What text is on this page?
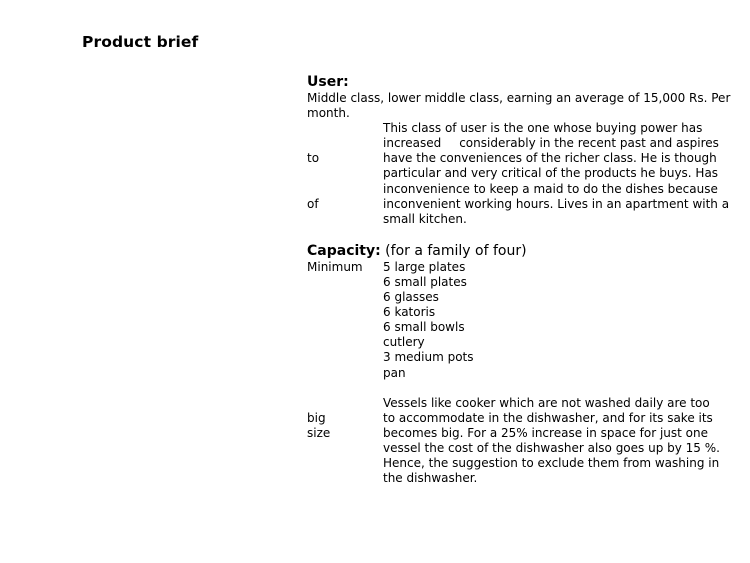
Product brief
User:
Middle class, lower middle class, earning an average of 15,000 Rs. Per
month.
This class of user is the one whose buying power has
increased considerably in the recent past and aspires
to	have the conveniences of the richer class. He is though
particular and very critical of the products he buys. Has
inconvenience to keep a maid to do the dishes because
of	inconvenient working hours. Lives in an apartment with a
small kitchen.
Capacity: (for a family of four)
Minimum	5 large plates
6 small plates
6 glasses
6 katoris
6 small bowls
cutlery
3 medium pots
pan
Vessels like cooker which are not washed daily are too
big	to accommodate in the dishwasher, and for its sake its
size	becomes big. For a 25% increase in space for just one
vessel the cost of the dishwasher also goes up by 15 %.
Hence, the suggestion to exclude them from washing in
the dishwasher.
